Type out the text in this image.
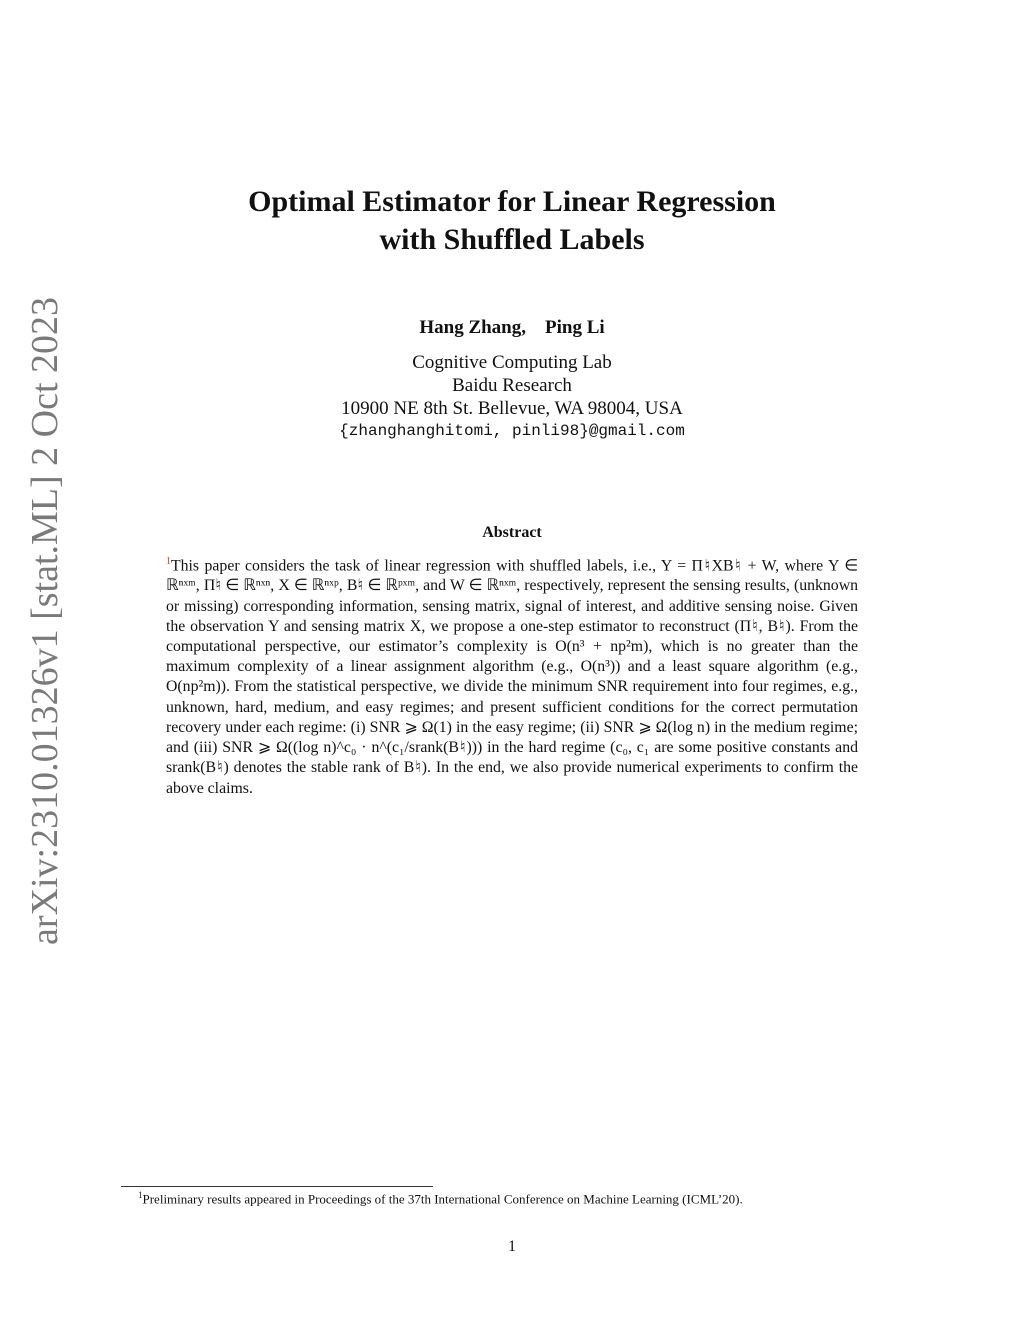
arXiv:2310.01326v1 [stat.ML] 2 Oct 2023
Optimal Estimator for Linear Regression
with Shuffled Labels
Hang Zhang,    Ping Li
Cognitive Computing Lab
Baidu Research
10900 NE 8th St. Bellevue, WA 98004, USA
{zhanghanghitomi, pinli98}@gmail.com
Abstract
$^1$This paper considers the task of linear regression with shuffled labels, i.e., Y = Π♮XB♮ + W, where Y ∈ ℝⁿˣᵐ, Π♮ ∈ ℝⁿˣⁿ, X ∈ ℝⁿˣᵖ, B♮ ∈ ℝᵖˣᵐ, and W ∈ ℝⁿˣᵐ, respectively, represent the sensing results, (unknown or missing) corresponding information, sensing matrix, signal of interest, and additive sensing noise. Given the observation Y and sensing matrix X, we propose a one-step estimator to reconstruct (Π♮, B♮). From the computational perspective, our estimator’s complexity is O(n³ + np²m), which is no greater than the maximum complexity of a linear assignment algorithm (e.g., O(n³)) and a least square algorithm (e.g., O(np²m)). From the statistical perspective, we divide the minimum SNR requirement into four regimes, e.g., unknown, hard, medium, and easy regimes; and present sufficient conditions for the correct permutation recovery under each regime: (i) SNR ⩾ Ω(1) in the easy regime; (ii) SNR ⩾ Ω(log n) in the medium regime; and (iii) SNR ⩾ Ω((log n)^c₀ · n^(c₁/srank(B♮))) in the hard regime (c₀, c₁ are some positive constants and srank(B♮) denotes the stable rank of B♮). In the end, we also provide numerical experiments to confirm the above claims.
$^1$Preliminary results appeared in Proceedings of the 37th International Conference on Machine Learning (ICML’20).
1
